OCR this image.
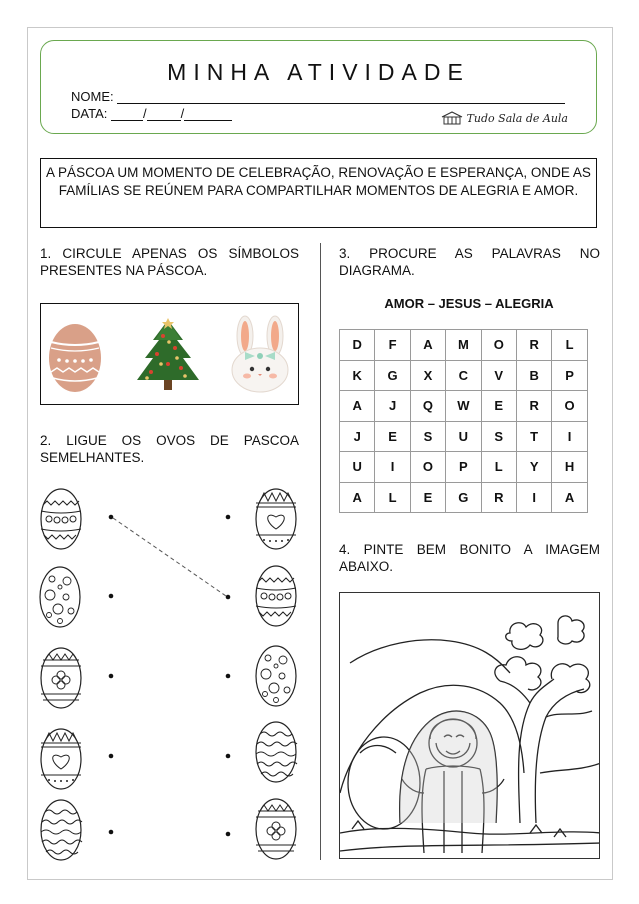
MINHA ATIVIDADE
NOME:
DATA:	/	/	Tudo Sala de Aula
A PÁSCOA UM MOMENTO DE CELEBRAÇÃO, RENOVAÇÃO E ESPERANÇA, ONDE AS FAMÍLIAS SE REÚNEM PARA COMPARTILHAR MOMENTOS DE ALEGRIA E AMOR.
1. CIRCULE APENAS OS SÍMBOLOS
PRESENTES NA PÁSCOA.
2. LIGUE OS OVOS DE PASCOA
SEMELHANTES.
3. PROCURE AS PALAVRAS NO
DIAGRAMA.
AMOR – JESUS – ALEGRIA
D	F	A	M	O	R	L
K	G	X	C	V	B	P
A	J	Q	W	E	R	O
J	E	S	U	S	T	I
U	I	O	P	L	Y	H
A	L	E	G	R	I	A
4. PINTE BEM BONITO A IMAGEM
ABAIXO.
